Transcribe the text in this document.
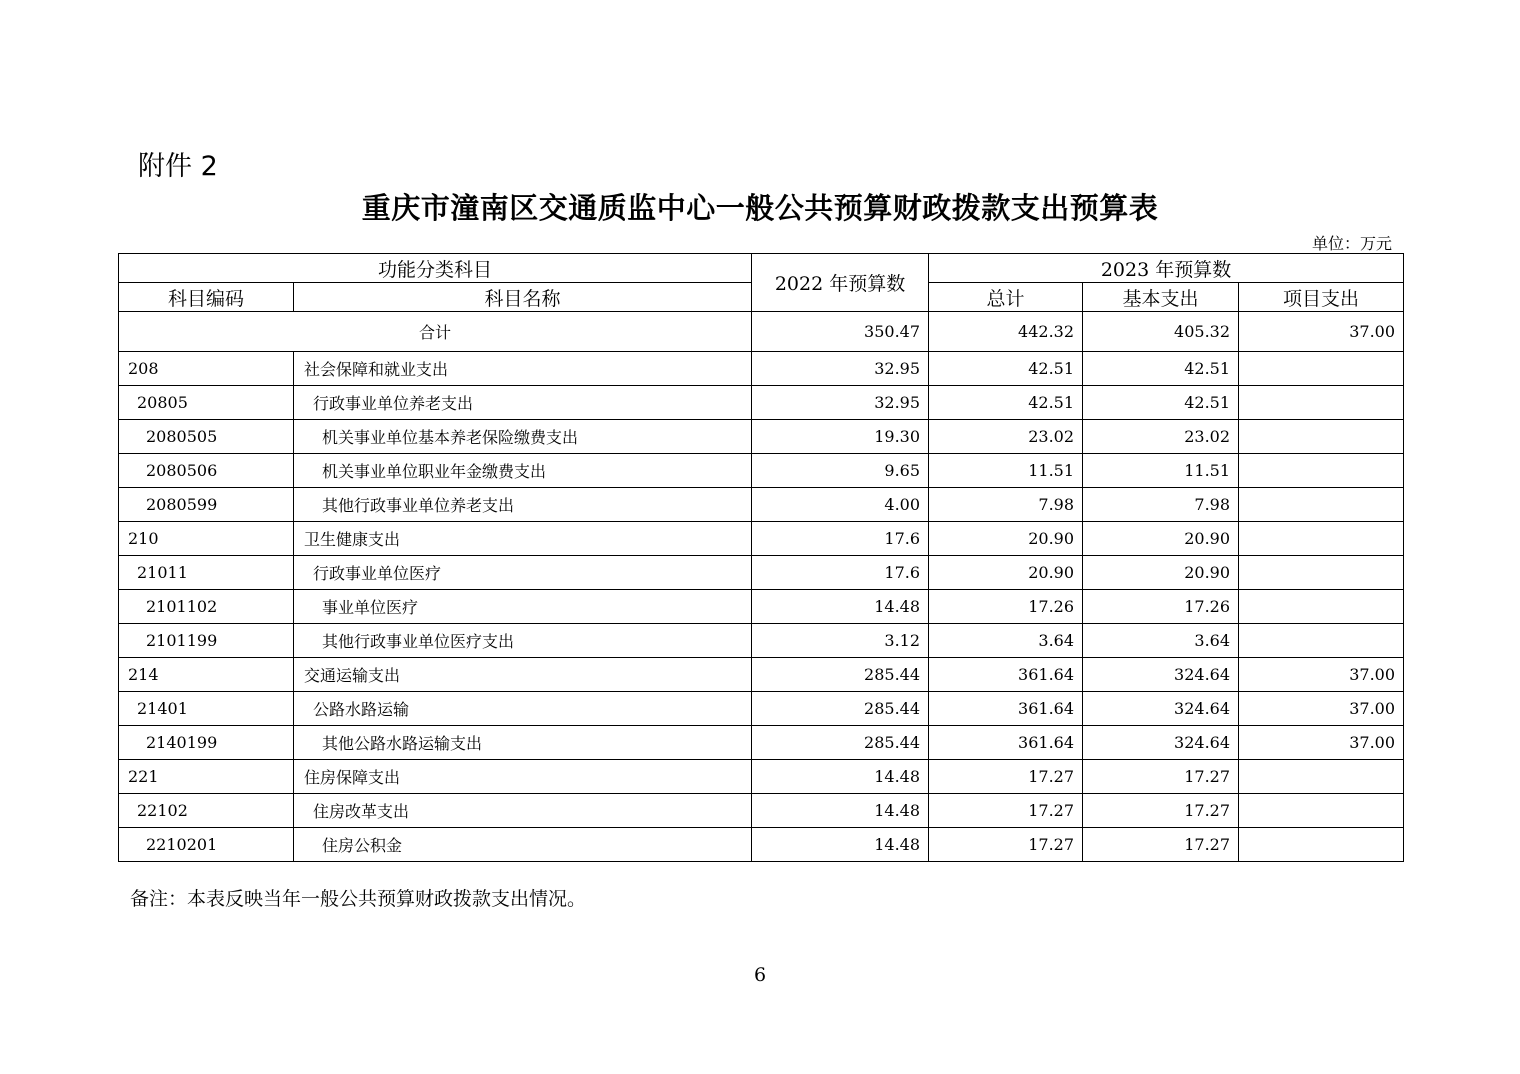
附件 2
重庆市潼南区交通质监中心一般公共预算财政拨款支出预算表
单位：万元
功能分类科目		2022 年预算数	2023 年预算数		
科目编码	科目名称		总计	基本支出	项目支出
合计		350.47	442.32	405.32	37.00
208	社会保障和就业支出	32.95	42.51	42.51	
20805	行政事业单位养老支出	32.95	42.51	42.51	
2080505	机关事业单位基本养老保险缴费支出	19.30	23.02	23.02	
2080506	机关事业单位职业年金缴费支出	9.65	11.51	11.51	
2080599	其他行政事业单位养老支出	4.00	7.98	7.98	
210	卫生健康支出	17.6	20.90	20.90	
21011	行政事业单位医疗	17.6	20.90	20.90	
2101102	事业单位医疗	14.48	17.26	17.26	
2101199	其他行政事业单位医疗支出	3.12	3.64	3.64	
214	交通运输支出	285.44	361.64	324.64	37.00
21401	公路水路运输	285.44	361.64	324.64	37.00
2140199	其他公路水路运输支出	285.44	361.64	324.64	37.00
221	住房保障支出	14.48	17.27	17.27	
22102	住房改革支出	14.48	17.27	17.27	
2210201	住房公积金	14.48	17.27	17.27	
备注：本表反映当年一般公共预算财政拨款支出情况。
6
